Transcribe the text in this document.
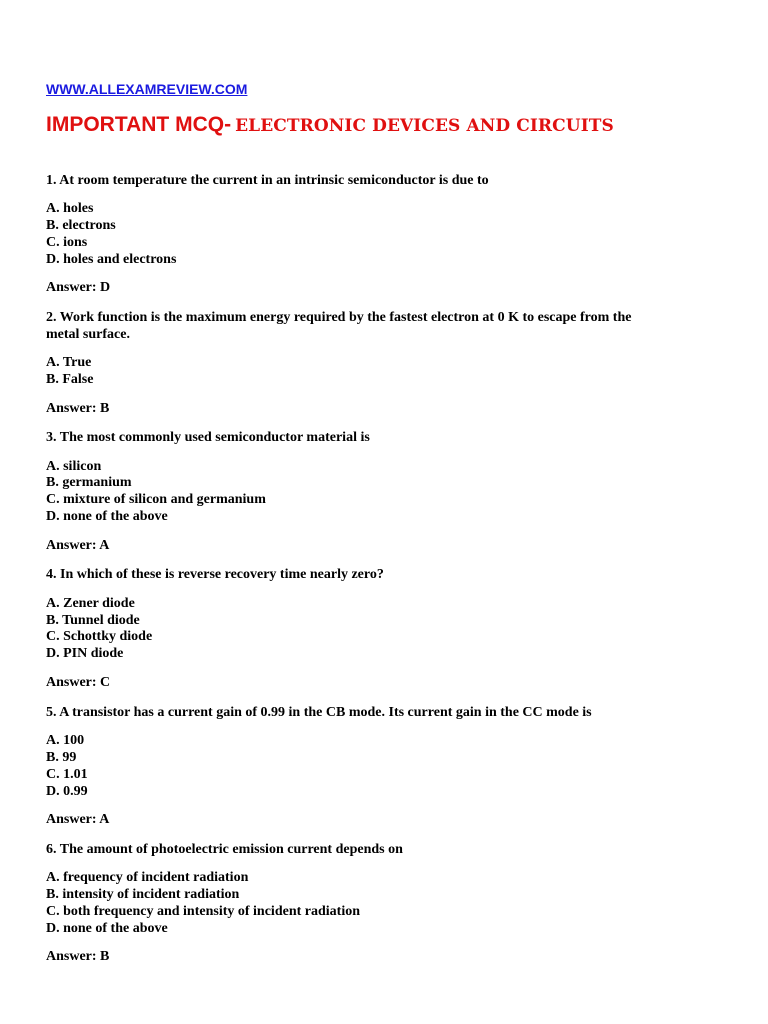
WWW.ALLEXAMREVIEW.COM
IMPORTANT MCQ- ELECTRONIC DEVICES AND CIRCUITS
1. At room temperature the current in an intrinsic semiconductor is due to
A. holes
B. electrons
C. ions
D. holes and electrons
Answer: D
2. Work function is the maximum energy required by the fastest electron at 0 K to escape from the
metal surface.
A. True
B. False
Answer: B
3. The most commonly used semiconductor material is
A. silicon
B. germanium
C. mixture of silicon and germanium
D. none of the above
Answer: A
4. In which of these is reverse recovery time nearly zero?
A. Zener diode
B. Tunnel diode
C. Schottky diode
D. PIN diode
Answer: C
5. A transistor has a current gain of 0.99 in the CB mode. Its current gain in the CC mode is
A. 100
B. 99
C. 1.01
D. 0.99
Answer: A
6. The amount of photoelectric emission current depends on
A. frequency of incident radiation
B. intensity of incident radiation
C. both frequency and intensity of incident radiation
D. none of the above
Answer: B
